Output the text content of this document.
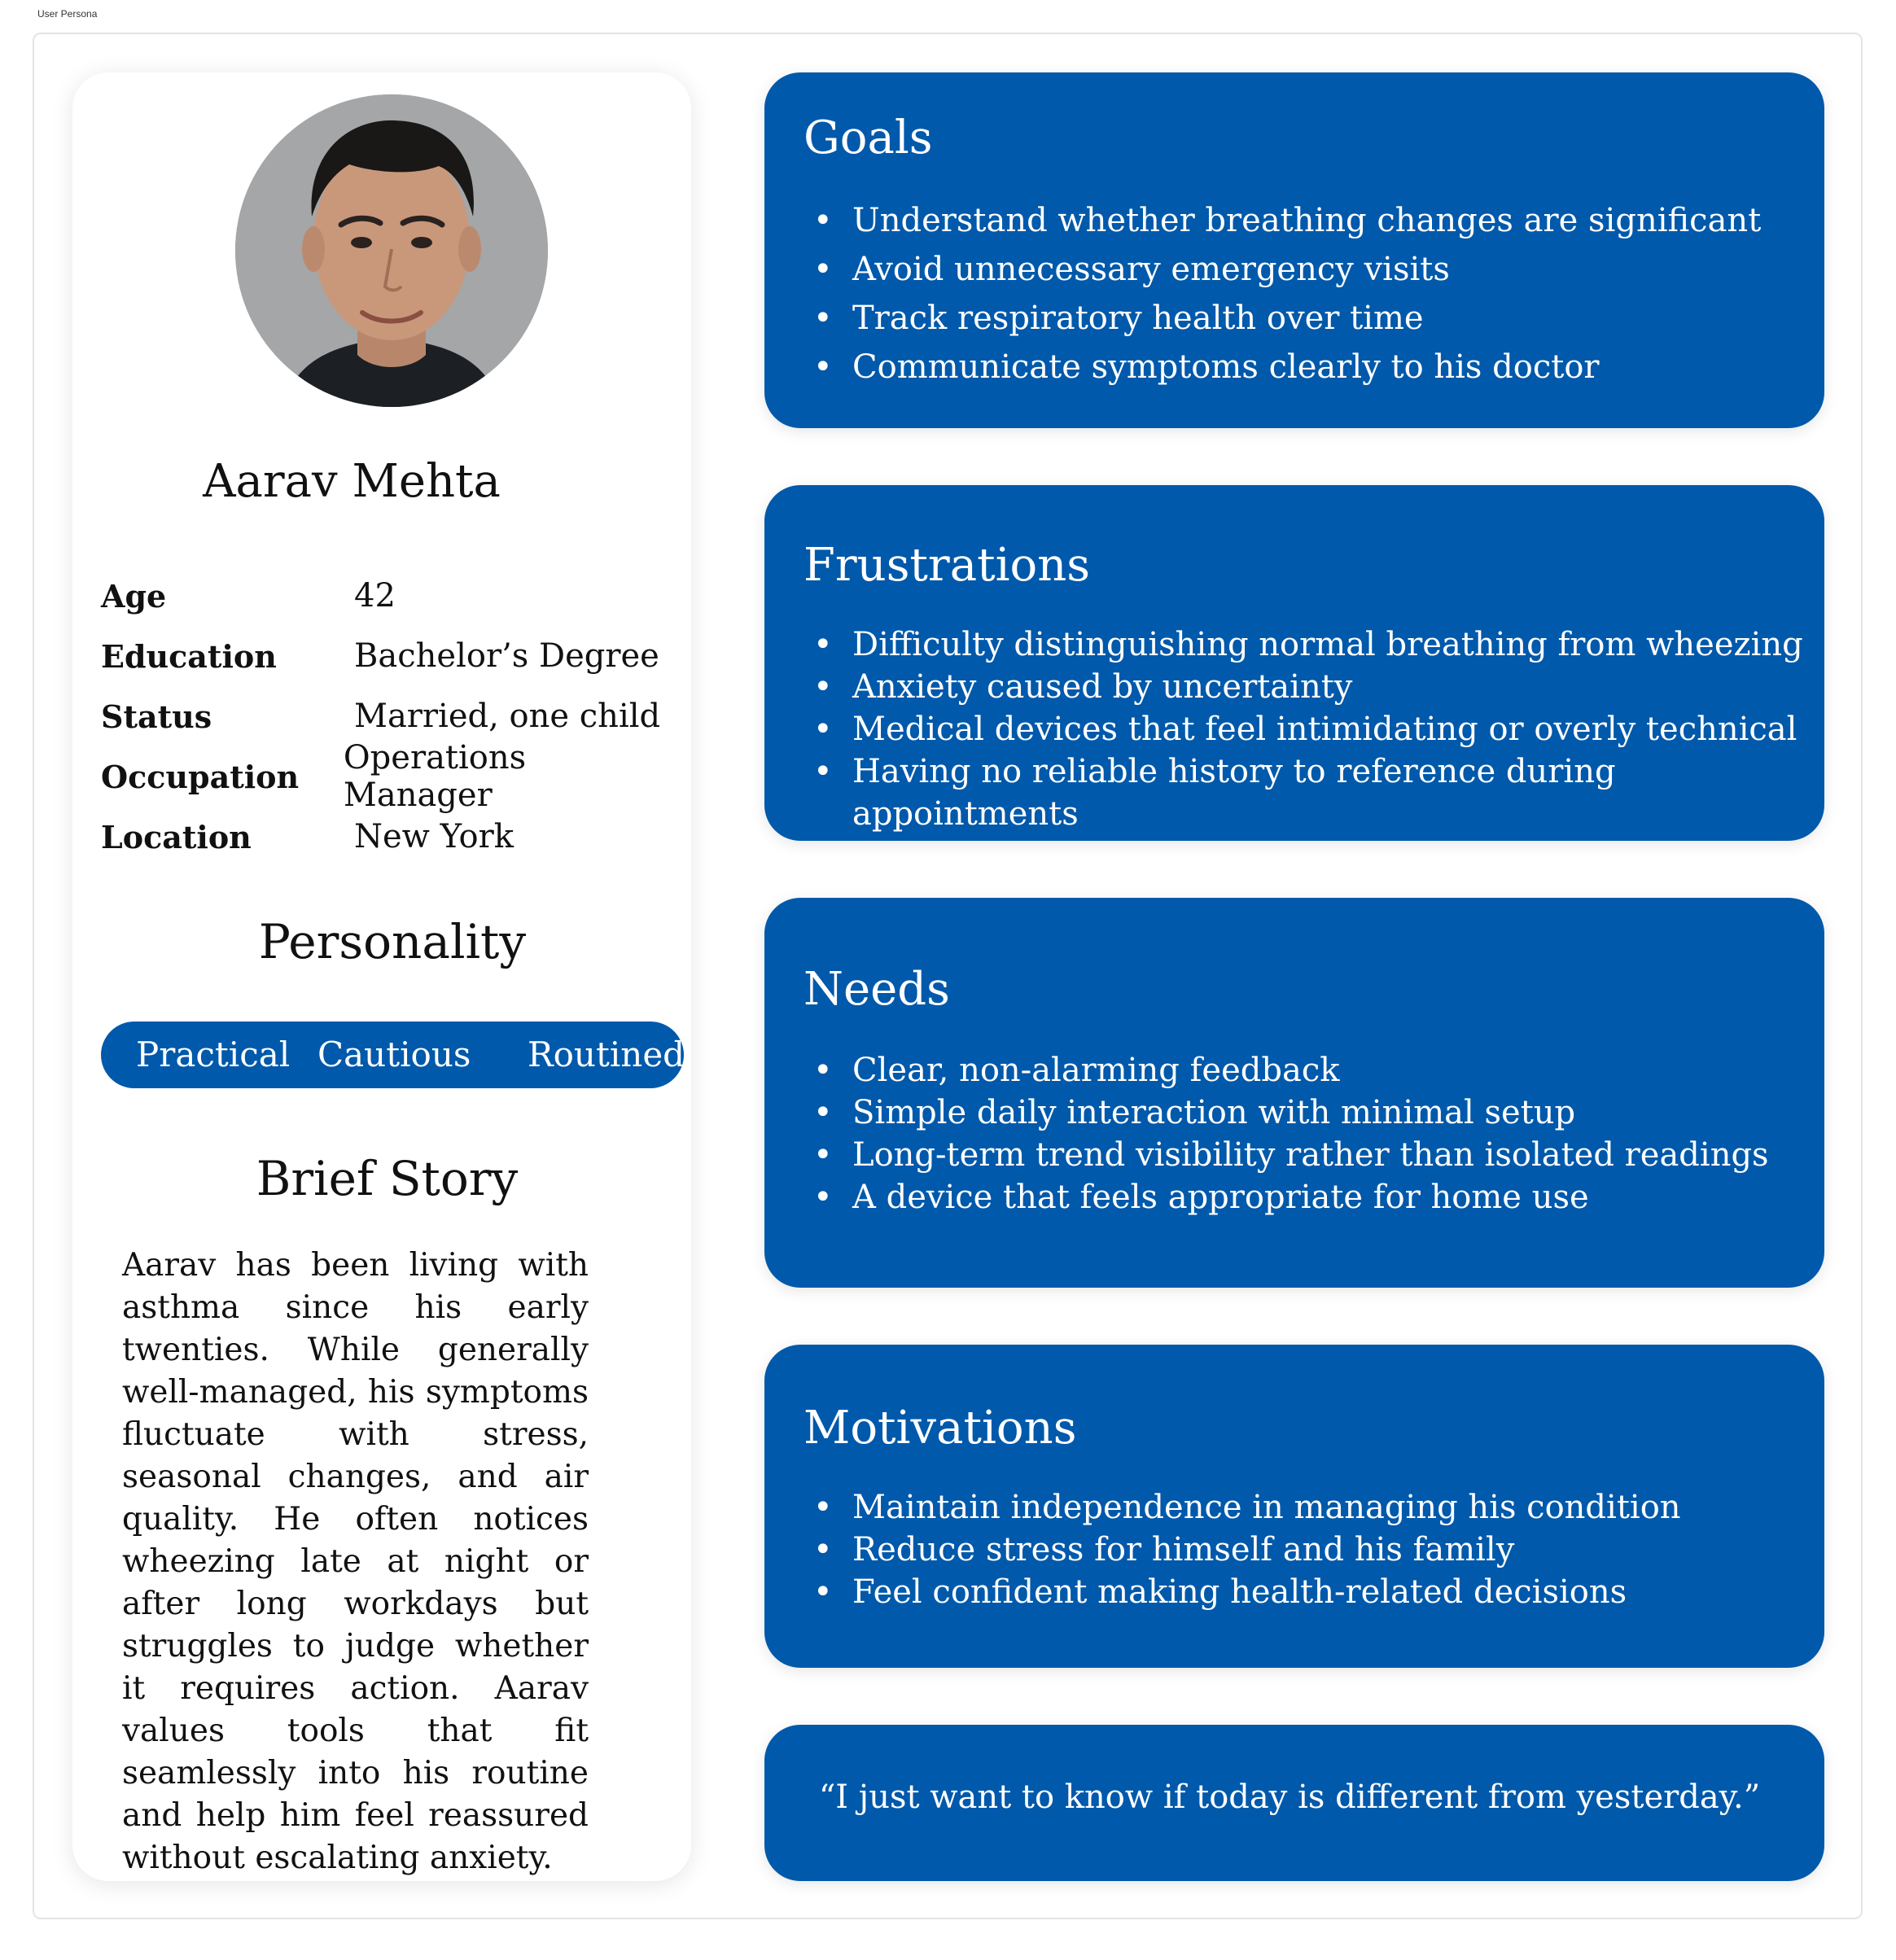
User Persona
Aarav Mehta
Age	42
Education	Bachelor’s Degree
Status	Married, one child
Occupation	Operations Manager
Location	New York
Personality
Practical Cautious Routined
Brief Story
Aarav has been living with asthma since his early twenties. While generally well-managed, his symptoms fluctuate with stress, seasonal changes, and air quality. He often notices wheezing late at night or after long workdays but struggles to judge whether it requires action. Aarav values tools that fit seamlessly into his routine and help him feel reassured without escalating anxiety.
Goals
• Understand whether breathing changes are significant
• Avoid unnecessary emergency visits
• Track respiratory health over time
• Communicate symptoms clearly to his doctor
Frustrations
• Difficulty distinguishing normal breathing from wheezing
• Anxiety caused by uncertainty
• Medical devices that feel intimidating or overly technical
• Having no reliable history to reference during appointments
Needs
• Clear, non-alarming feedback
• Simple daily interaction with minimal setup
• Long-term trend visibility rather than isolated readings
• A device that feels appropriate for home use
Motivations
• Maintain independence in managing his condition
• Reduce stress for himself and his family
• Feel confident making health-related decisions
“I just want to know if today is different from yesterday.”
